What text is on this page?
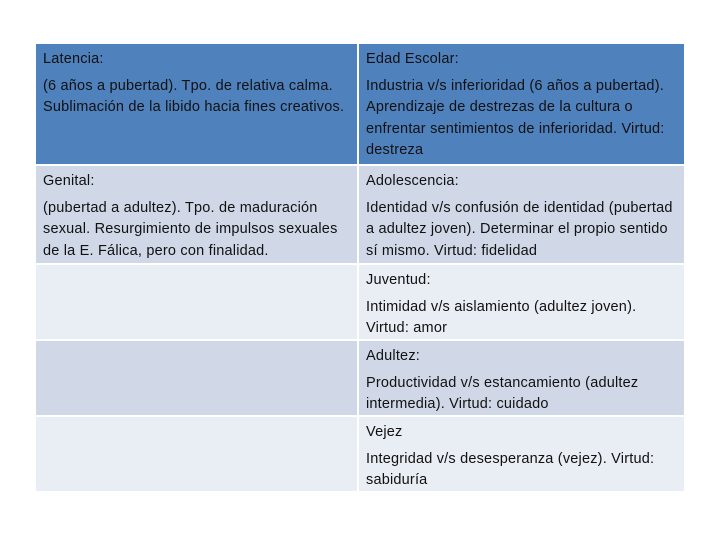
Latencia:
(6 años a pubertad). Tpo. de relativa calma. Sublimación de la libido hacia fines creativos.
Edad Escolar:
Industria v/s inferioridad (6 años a pubertad). Aprendizaje de destrezas de la cultura o enfrentar sentimientos de inferioridad. Virtud: destreza
Genital:
(pubertad a adultez). Tpo. de maduración sexual. Resurgimiento de impulsos sexuales de la E. Fálica, pero con finalidad.
Adolescencia:
Identidad v/s confusión de identidad (pubertad a adultez joven). Determinar el propio sentido sí mismo. Virtud: fidelidad
Juventud:
Intimidad v/s aislamiento (adultez joven). Virtud: amor
Adultez:
Productividad v/s estancamiento (adultez intermedia). Virtud: cuidado
Vejez
Integridad v/s desesperanza (vejez). Virtud: sabiduría
